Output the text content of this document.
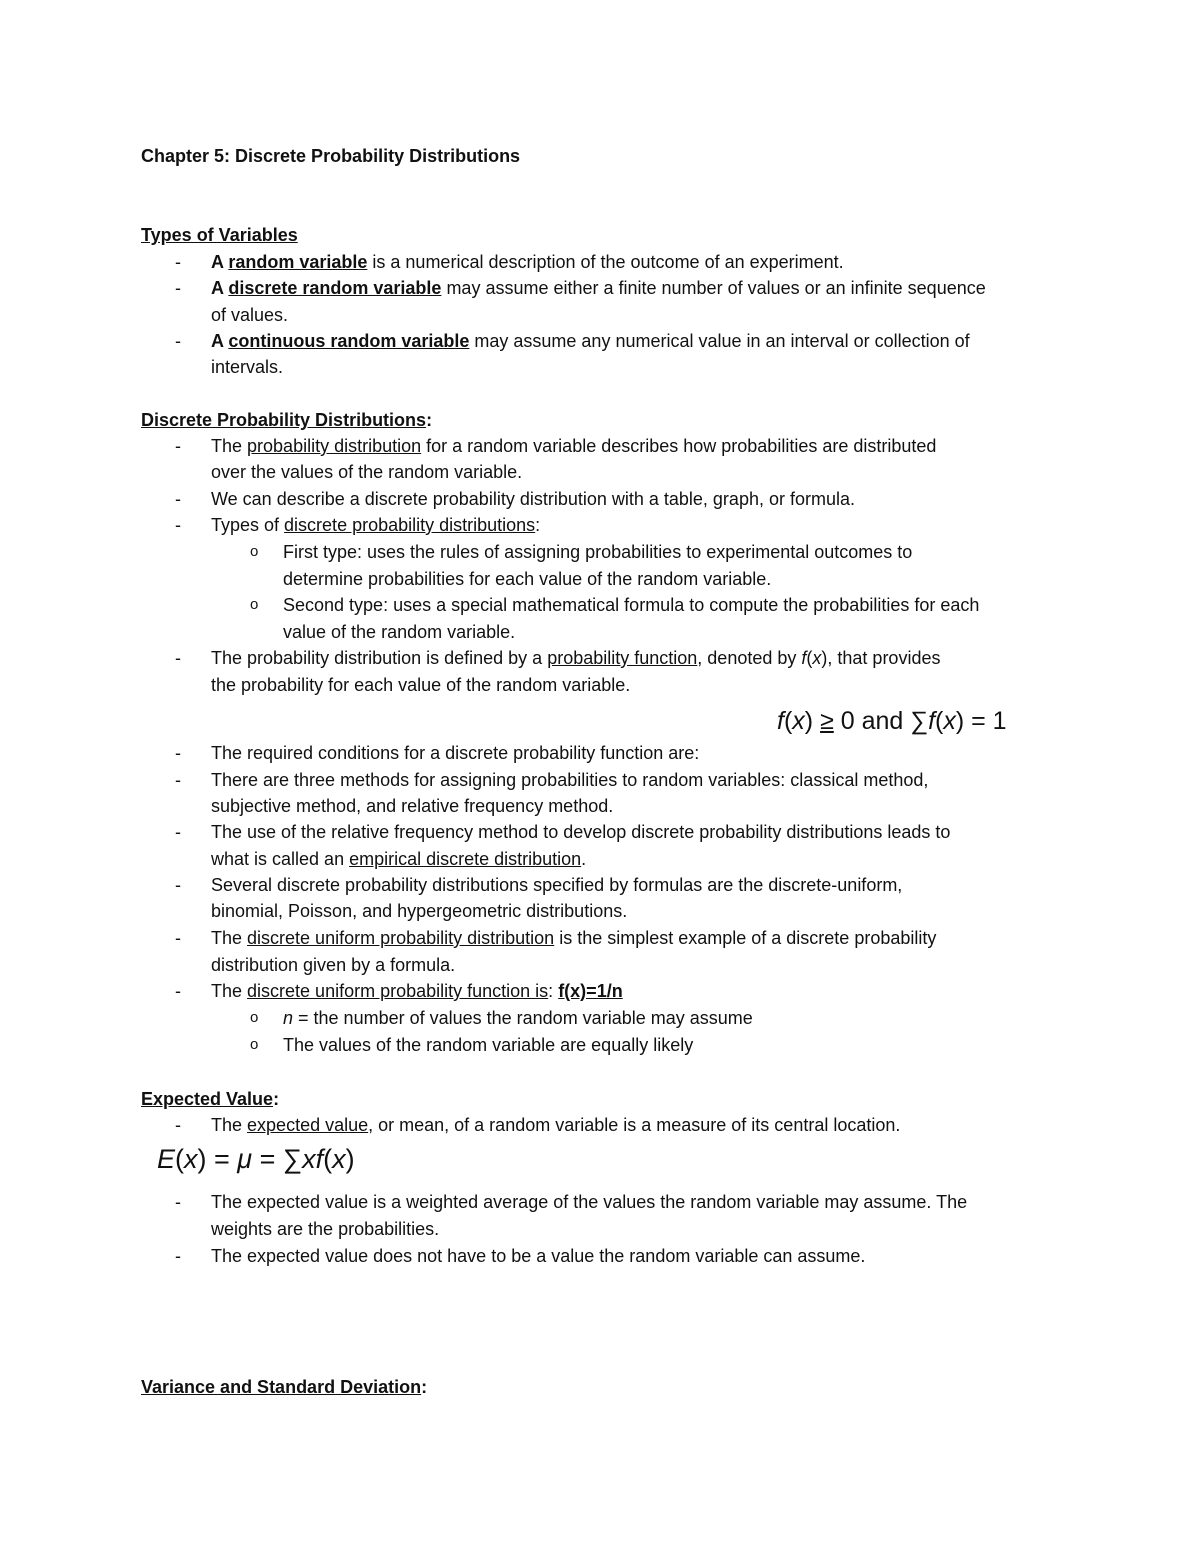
Chapter 5: Discrete Probability Distributions
Types of Variables
- A random variable is a numerical description of the outcome of an experiment.
- A discrete random variable may assume either a finite number of values or an infinite sequence
of values.
- A continuous random variable may assume any numerical value in an interval or collection of
intervals.
Discrete Probability Distributions:
- The probability distribution for a random variable describes how probabilities are distributed
over the values of the random variable.
- We can describe a discrete probability distribution with a table, graph, or formula.
- Types of discrete probability distributions:
o First type: uses the rules of assigning probabilities to experimental outcomes to
determine probabilities for each value of the random variable.
o Second type: uses a special mathematical formula to compute the probabilities for each
value of the random variable.
- The probability distribution is defined by a probability function, denoted by f(x), that provides
the probability for each value of the random variable.
f(x) ≥ 0 and ∑f(x) = 1
- The required conditions for a discrete probability function are:
- There are three methods for assigning probabilities to random variables: classical method,
subjective method, and relative frequency method.
- The use of the relative frequency method to develop discrete probability distributions leads to
what is called an empirical discrete distribution.
- Several discrete probability distributions specified by formulas are the discrete-uniform,
binomial, Poisson, and hypergeometric distributions.
- The discrete uniform probability distribution is the simplest example of a discrete probability
distribution given by a formula.
- The discrete uniform probability function is: f(x)=1/n
o n = the number of values the random variable may assume
o The values of the random variable are equally likely
Expected Value:
- The expected value, or mean, of a random variable is a measure of its central location.
E(x) = μ = ∑xf(x)
- The expected value is a weighted average of the values the random variable may assume. The
weights are the probabilities.
- The expected value does not have to be a value the random variable can assume.
Variance and Standard Deviation:
